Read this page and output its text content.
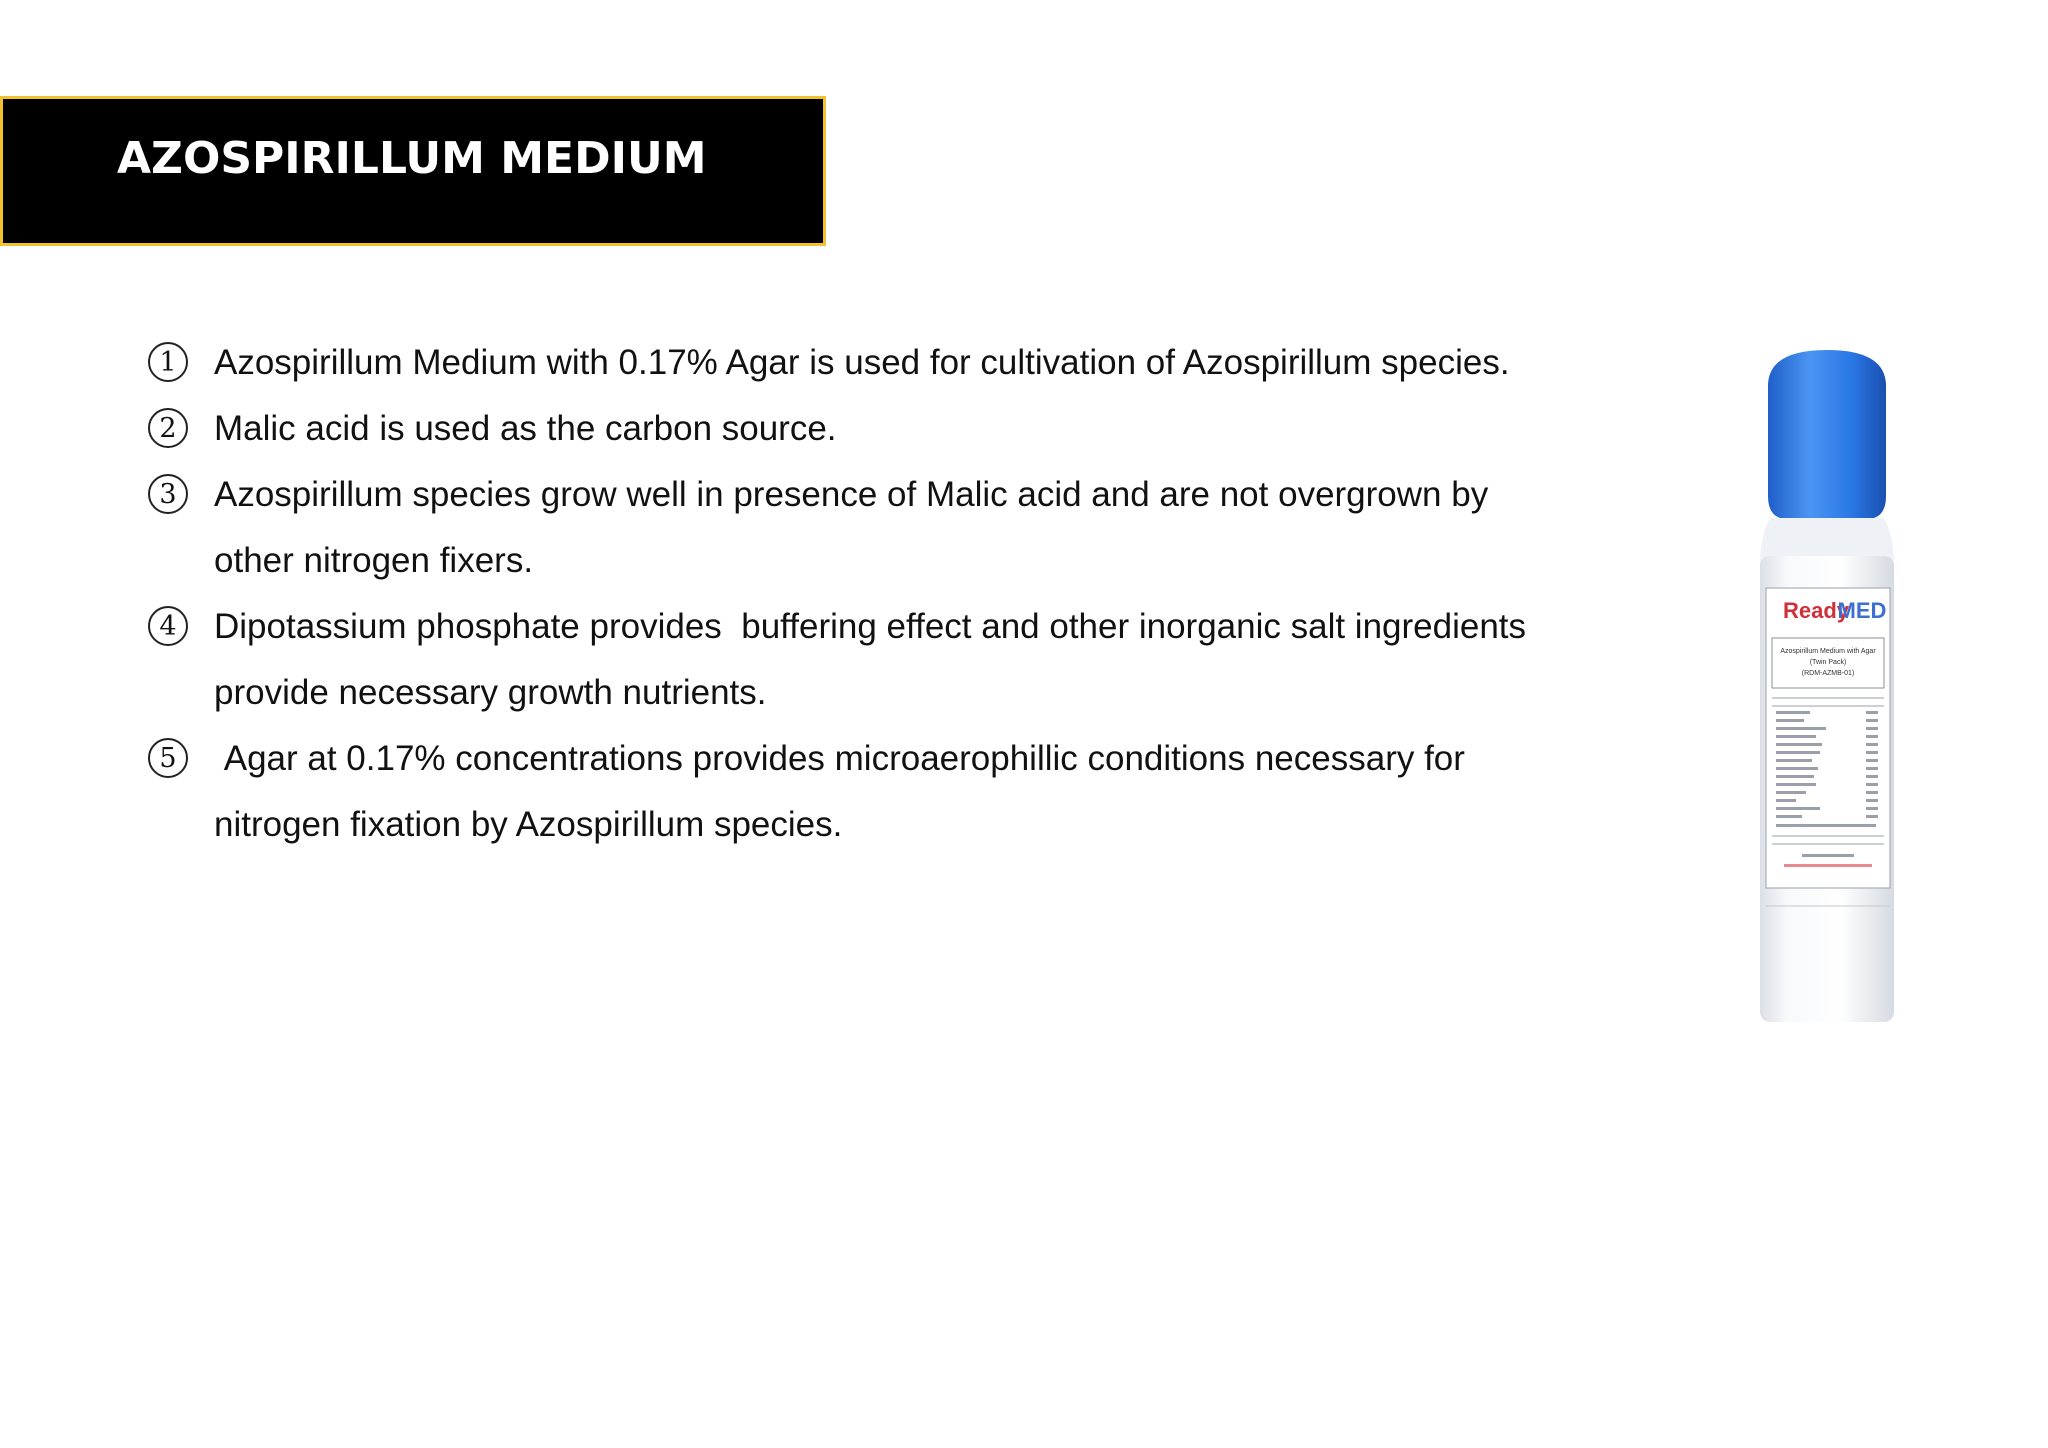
AZOSPIRILLUM MEDIUM
1	Azospirillum Medium with 0.17% Agar is used for cultivation of Azospirillum species.
2	Malic acid is used as the carbon source.
3	Azospirillum species grow well in presence of Malic acid and are not overgrown by
other nitrogen fixers.
4	Dipotassium phosphate provides  buffering effect and other inorganic salt ingredients
provide necessary growth nutrients.
5	Agar at 0.17% concentrations provides microaerophillic conditions necessary for
nitrogen fixation by Azospirillum species.
Ready
MED
Azospirillum Medium with Agar
(Twin Pack)
(RDM-AZMB-01)
